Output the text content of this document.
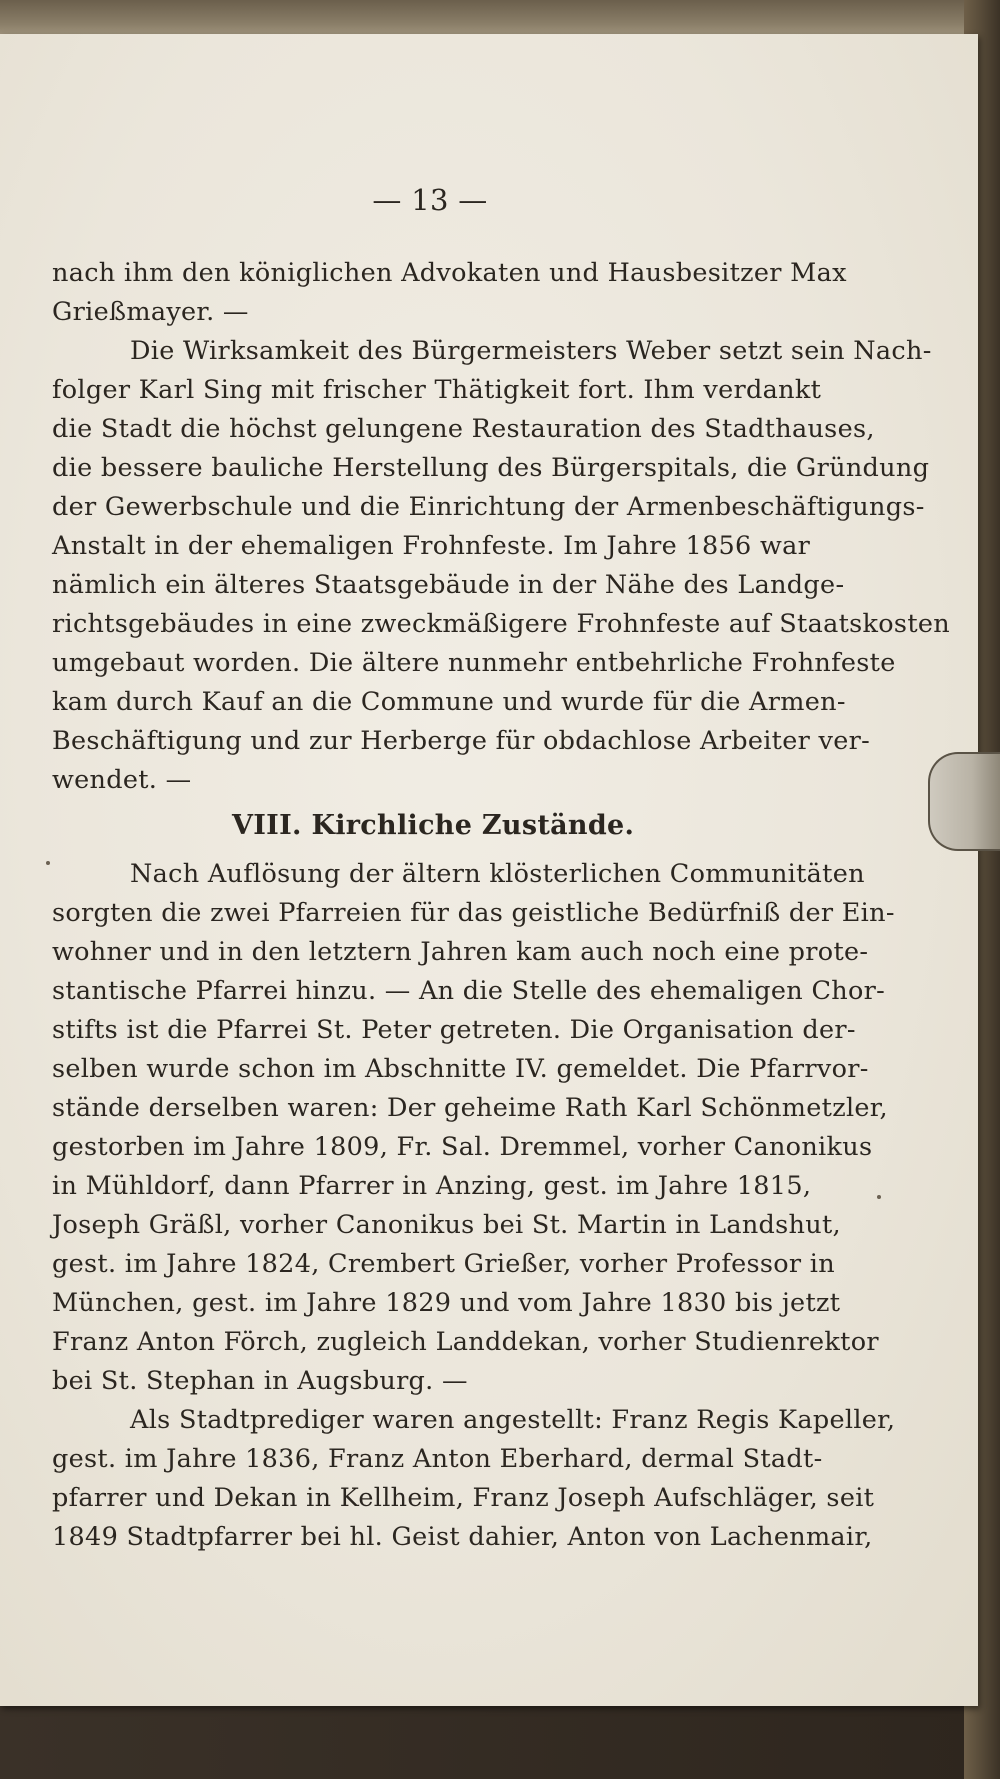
— 13 —
nach ihm den königlichen Advokaten und Hausbesitzer Max
Grießmayer. —
Die Wirksamkeit des Bürgermeisters Weber setzt sein Nach-
folger Karl Sing mit frischer Thätigkeit fort. Ihm verdankt
die Stadt die höchst gelungene Restauration des Stadthauses,
die bessere bauliche Herstellung des Bürgerspitals, die Gründung
der Gewerbschule und die Einrichtung der Armenbeschäftigungs-
Anstalt in der ehemaligen Frohnfeste. Im Jahre 1856 war
nämlich ein älteres Staatsgebäude in der Nähe des Landge-
richtsgebäudes in eine zweckmäßigere Frohnfeste auf Staatskosten
umgebaut worden. Die ältere nunmehr entbehrliche Frohnfeste
kam durch Kauf an die Commune und wurde für die Armen-
Beschäftigung und zur Herberge für obdachlose Arbeiter ver-
wendet. —
VIII. Kirchliche Zustände.
Nach Auflösung der ältern klösterlichen Communitäten
sorgten die zwei Pfarreien für das geistliche Bedürfniß der Ein-
wohner und in den letztern Jahren kam auch noch eine prote-
stantische Pfarrei hinzu. — An die Stelle des ehemaligen Chor-
stifts ist die Pfarrei St. Peter getreten. Die Organisation der-
selben wurde schon im Abschnitte IV. gemeldet. Die Pfarrvor-
stände derselben waren: Der geheime Rath Karl Schönmetzler,
gestorben im Jahre 1809, Fr. Sal. Dremmel, vorher Canonikus
in Mühldorf, dann Pfarrer in Anzing, gest. im Jahre 1815,
Joseph Gräßl, vorher Canonikus bei St. Martin in Landshut,
gest. im Jahre 1824, Crembert Grießer, vorher Professor in
München, gest. im Jahre 1829 und vom Jahre 1830 bis jetzt
Franz Anton Förch, zugleich Landdekan, vorher Studienrektor
bei St. Stephan in Augsburg. —
Als Stadtprediger waren angestellt: Franz Regis Kapeller,
gest. im Jahre 1836, Franz Anton Eberhard, dermal Stadt-
pfarrer und Dekan in Kellheim, Franz Joseph Aufschläger, seit
1849 Stadtpfarrer bei hl. Geist dahier, Anton von Lachenmair,
